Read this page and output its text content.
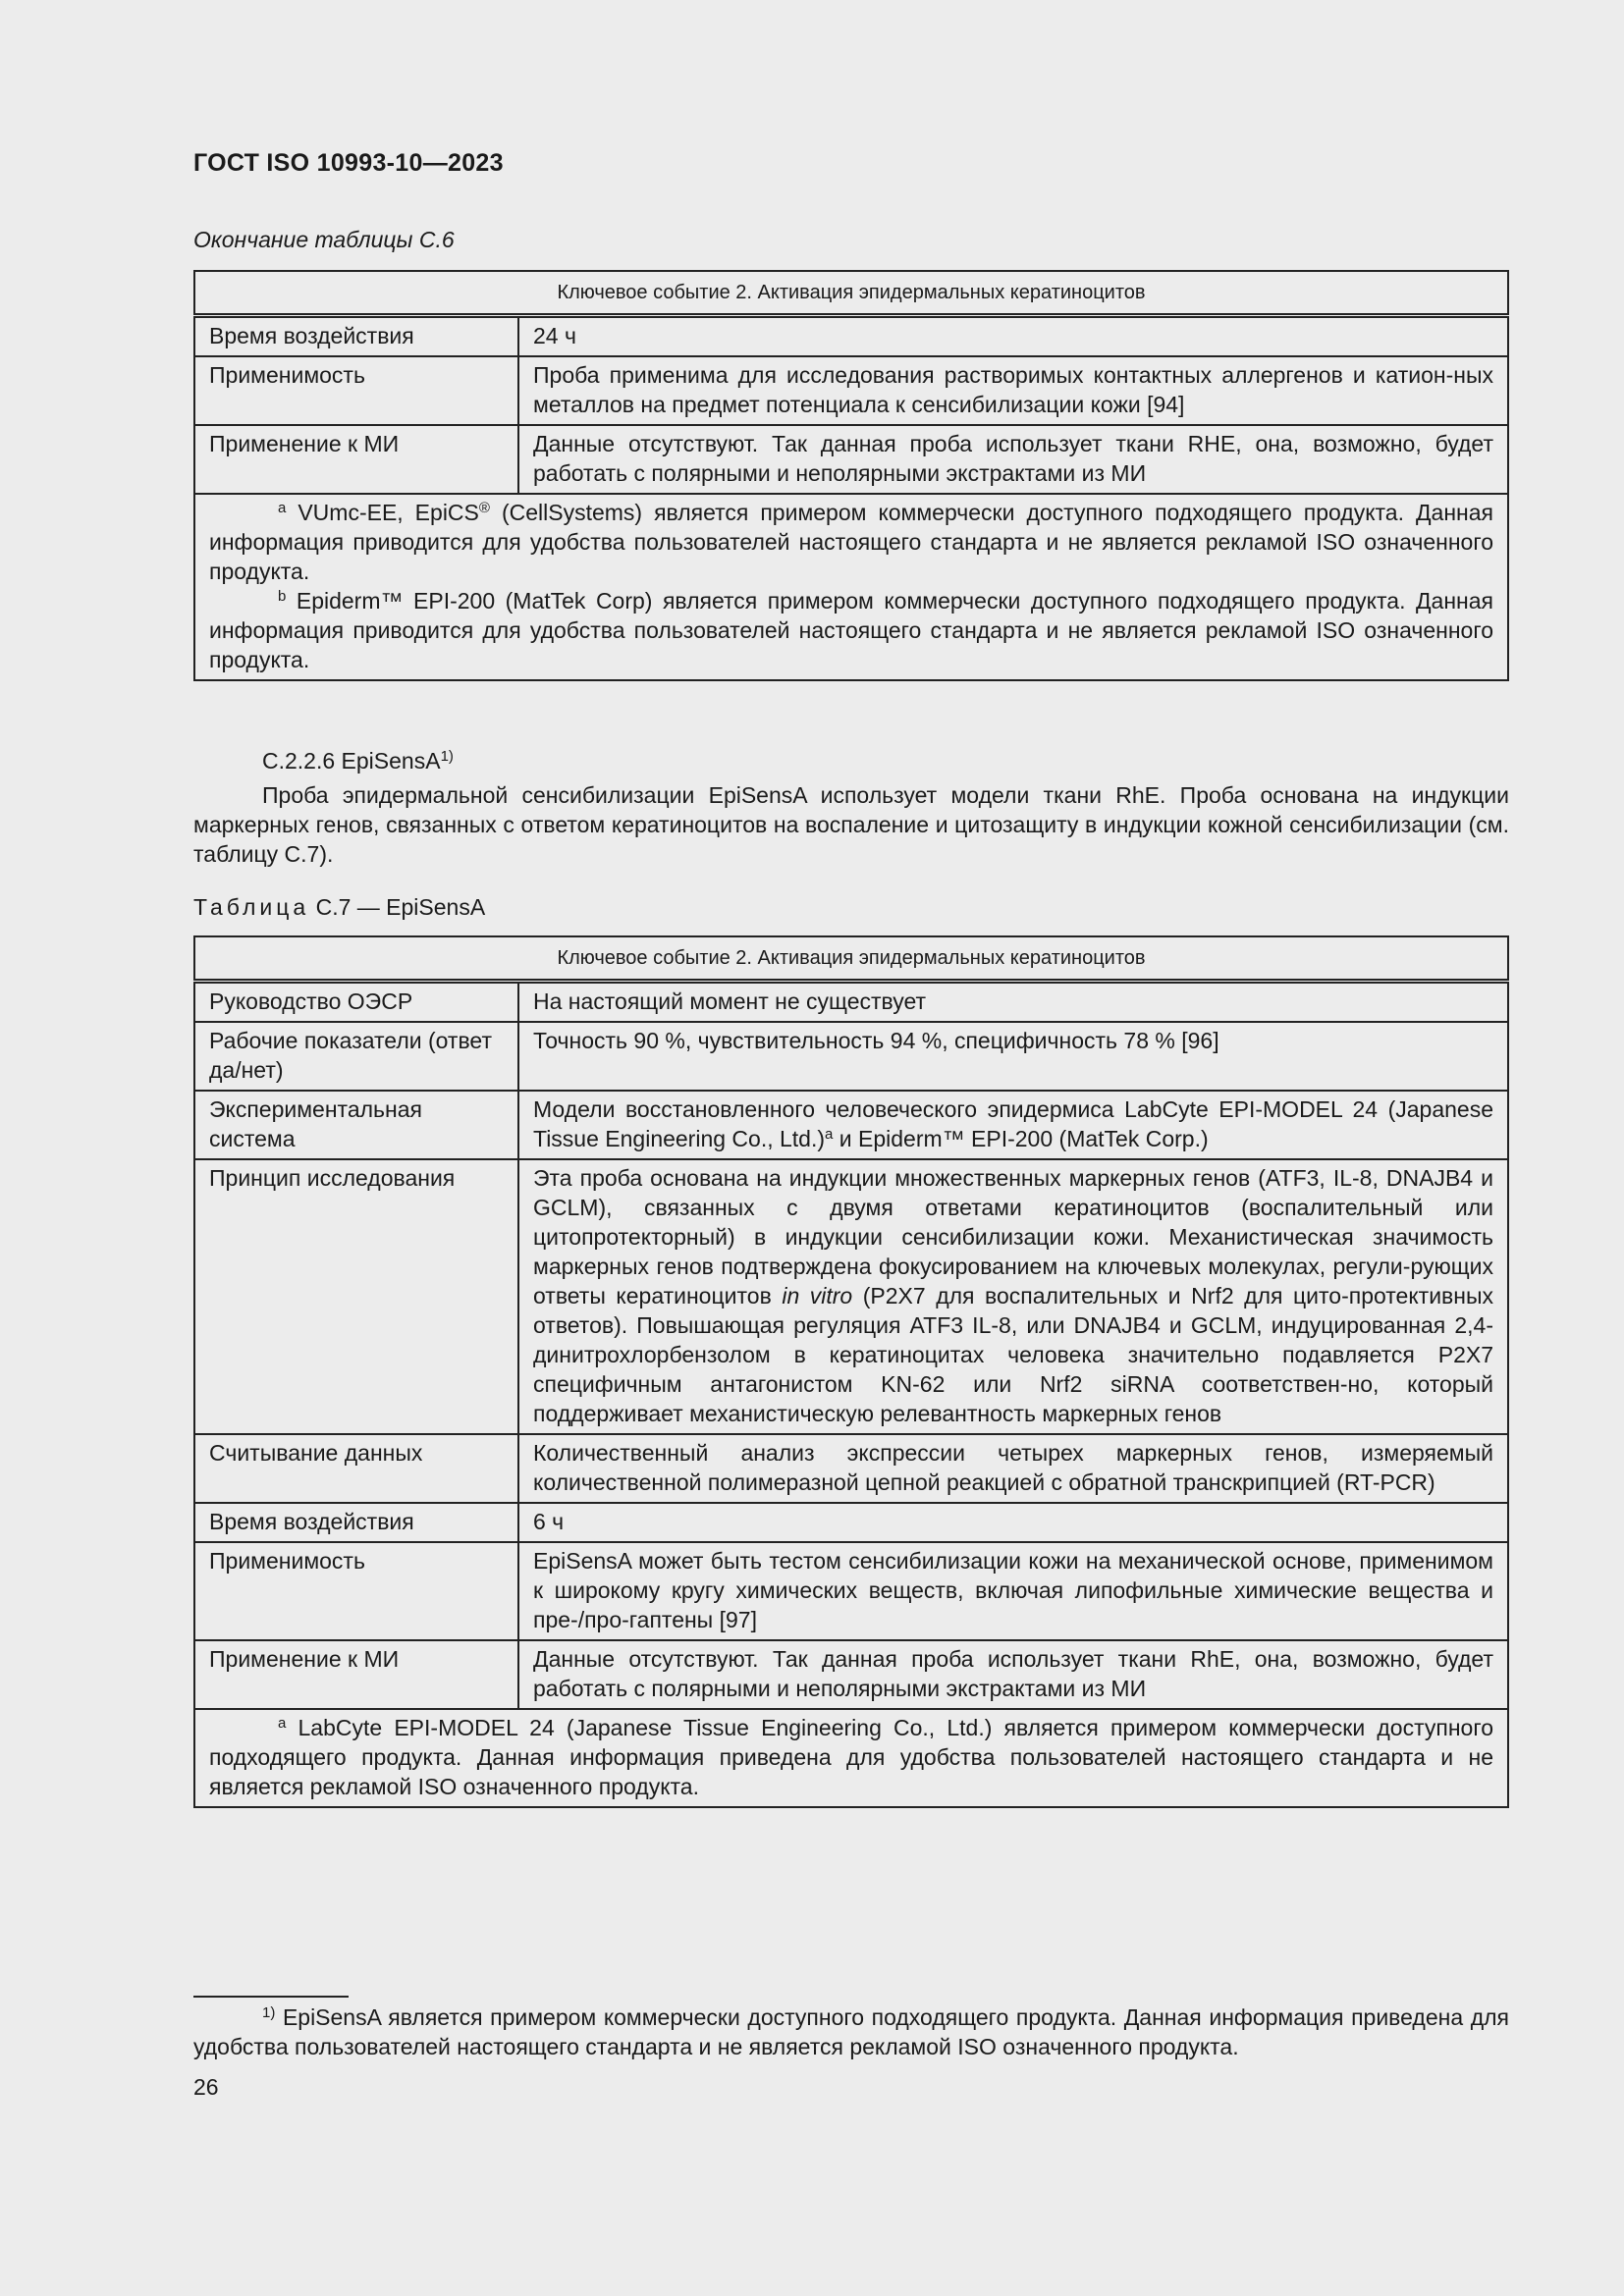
ГОСТ ISO 10993-10—2023
Окончание таблицы С.6
Ключевое событие 2. Активация эпидермальных кератиноцитов	
Время воздействия	24 ч
Применимость	Проба применима для исследования растворимых контактных аллергенов и катион-ных металлов на предмет потенциала к сенсибилизации кожи [94]
Применение к МИ	Данные отсутствуют. Так данная проба использует ткани RHE, она, возможно, будет работать с полярными и неполярными экстрактами из МИ

$^a$ VUmc-EE, EpiCS® (CellSystems) является примером коммерчески доступного подходящего продукта. Данная информация приводится для удобства пользователей настоящего стандарта и не является рекламой ISO означенного продукта.
$^b$ Epiderm™ EPI-200 (MatTek Corp) является примером коммерчески доступного подходящего продукта. Данная информация приводится для удобства пользователей настоящего стандарта и не является рекламой ISO означенного продукта.	
С.2.2.6 EpiSensA$^{1)}$
Проба эпидермальной сенсибилизации EpiSensA использует модели ткани RhE. Проба основана на индукции маркерных генов, связанных с ответом кератиноцитов на воспаление и цитозащиту в индукции кожной сенсибилизации (см. таблицу С.7).
Таблица С.7 — EpiSensA
Ключевое событие 2. Активация эпидермальных кератиноцитов	
Руководство ОЭСР	На настоящий момент не существует
Рабочие показатели (ответ да/нет)	Точность 90 %, чувствительность 94 %, специфичность 78 % [96]
Экспериментальная система	Модели восстановленного человеческого эпидермиса LabCyte EPI-MODEL 24 (Japanese Tissue Engineering Co., Ltd.)$^a$ и Epiderm™ EPI-200 (MatTek Corp.)
Принцип исследования	Эта проба основана на индукции множественных маркерных генов (ATF3, IL-8, DNAJB4 и GCLM), связанных с двумя ответами кератиноцитов (воспалительный или цитопротекторный) в индукции сенсибилизации кожи. Механистическая значимость маркерных генов подтверждена фокусированием на ключевых молекулах, регули-рующих ответы кератиноцитов in vitro (P2X7 для воспалительных и Nrf2 для цито-протективных ответов). Повышающая регуляция ATF3 IL-8, или DNAJB4 и GCLM, индуцированная 2,4-динитрохлорбензолом в кератиноцитах человека значительно подавляется P2X7 специфичным антагонистом KN-62 или Nrf2 siRNA соответствен-но, который поддерживает механистическую релевантность маркерных генов
Считывание данных	Количественный анализ экспрессии четырех маркерных генов, измеряемый количественной полимеразной цепной реакцией с обратной транскрипцией (RT-PCR)
Время воздействия	6 ч
Применимость	EpiSensA может быть тестом сенсибилизации кожи на механической основе, применимом к широкому кругу химических веществ, включая липофильные химические вещества и пре-/про-гаптены [97]
Применение к МИ	Данные отсутствуют. Так данная проба использует ткани RhE, она, возможно, будет работать с полярными и неполярными экстрактами из МИ

$^a$ LabCyte EPI-MODEL 24 (Japanese Tissue Engineering Co., Ltd.) является примером коммерчески доступного подходящего продукта. Данная информация приведена для удобства пользователей настоящего стандарта и не является рекламой ISO означенного продукта.	
$^{1)}$ EpiSensA является примером коммерчески доступного подходящего продукта. Данная информация приведена для удобства пользователей настоящего стандарта и не является рекламой ISO означенного продукта.
26
